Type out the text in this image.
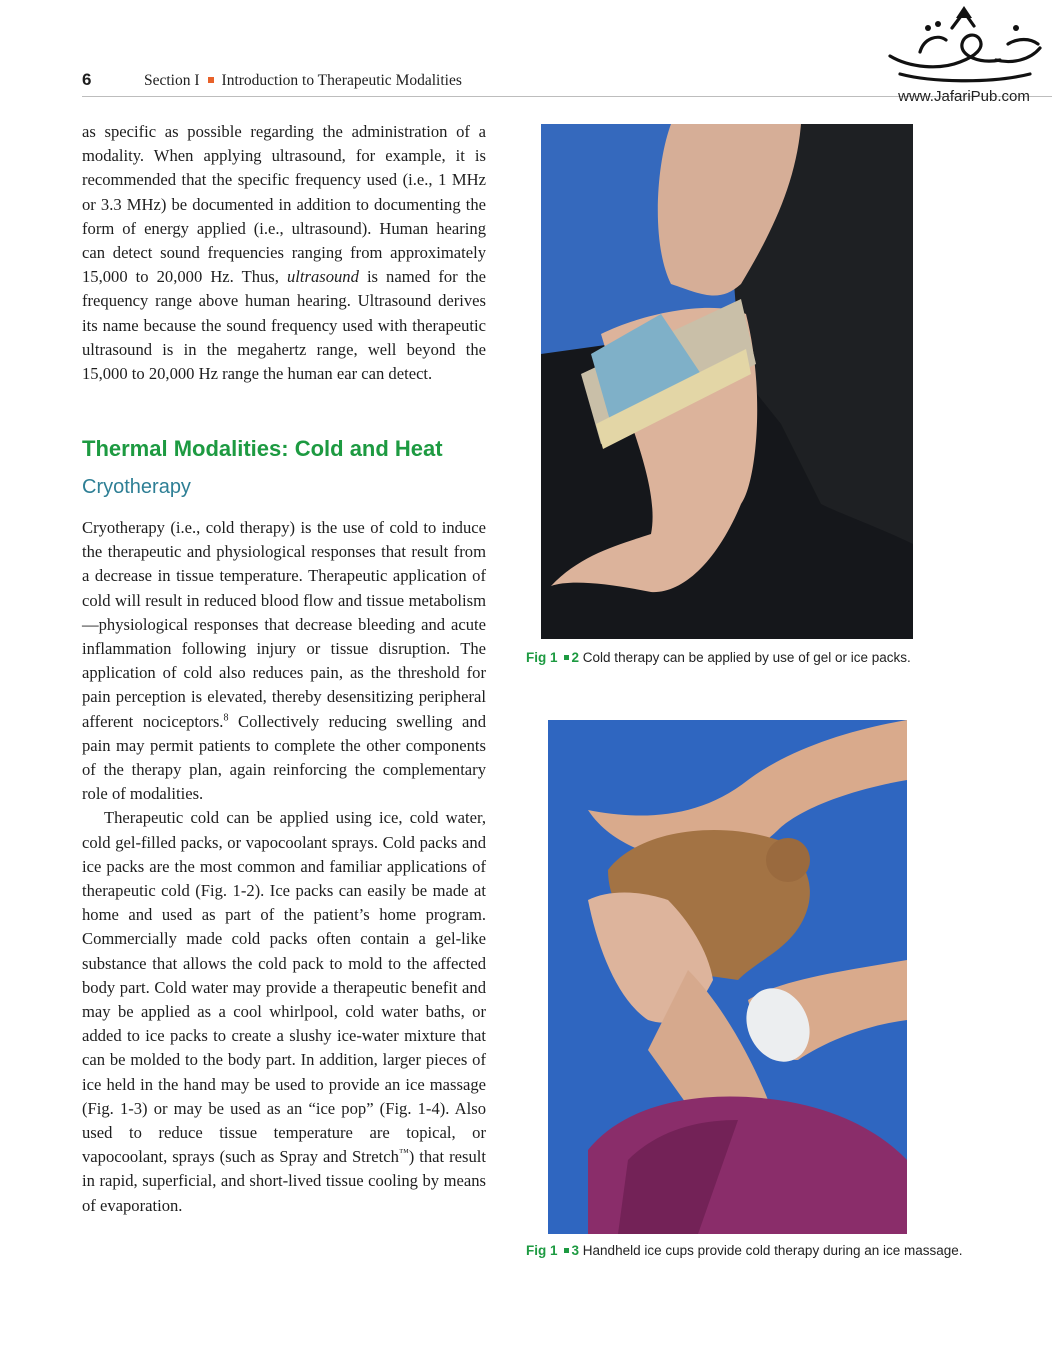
6	Section I Introduction to Therapeutic Modalities
www.JafariPub.com

as specific as possible regarding the administration of a modality. When applying ultrasound, for example, it is recommended that the specific frequency used (i.e., 1 MHz or 3.3 MHz) be documented in addition to documenting the form of energy applied (i.e., ultrasound). Human hearing can detect sound frequencies ranging from approximately 15,000 to 20,000 Hz. Thus, ultrasound is named for the frequency range above human hearing. Ultrasound derives its name because the sound frequency used with therapeutic ultrasound is in the megahertz range, well beyond the 15,000 to 20,000 Hz range the human ear can detect.

Thermal Modalities: Cold and Heat
Cryotherapy

Cryotherapy (i.e., cold therapy) is the use of cold to induce the therapeutic and physiological responses that result from a decrease in tissue temperature. Therapeutic application of cold will result in reduced blood flow and tissue metabolism—physiological responses that decrease bleeding and acute inflammation following injury or tissue disruption. The application of cold also reduces pain, as the threshold for pain perception is elevated, thereby desensitizing peripheral afferent nociceptors.$^8$ Collectively reducing swelling and pain may permit patients to complete the other components of the therapy plan, again reinforcing the complementary role of modalities.

Therapeutic cold can be applied using ice, cold water, cold gel-filled packs, or vapocoolant sprays. Cold packs and ice packs are the most common and familiar applications of therapeutic cold (Fig. 1-2). Ice packs can easily be made at home and used as part of the patient’s home program. Commercially made cold packs often contain a gel-like substance that allows the cold pack to mold to the affected body part. Cold water may provide a therapeutic benefit and may be applied as a cool whirlpool, cold water baths, or added to ice packs to create a slushy ice-water mixture that can be molded to the body part. In addition, larger pieces of ice held in the hand may be used to provide an ice massage (Fig. 1-3) or may be used as an “ice pop” (Fig. 1-4). Also used to reduce tissue temperature are topical, or vapocoolant, sprays (such as Spray and Stretch™) that result in rapid, superficial, and short-lived tissue cooling by means of evaporation.

Fig 1 2 Cold therapy can be applied by use of gel or ice packs.
Fig 1 3 Handheld ice cups provide cold therapy during an ice massage.
